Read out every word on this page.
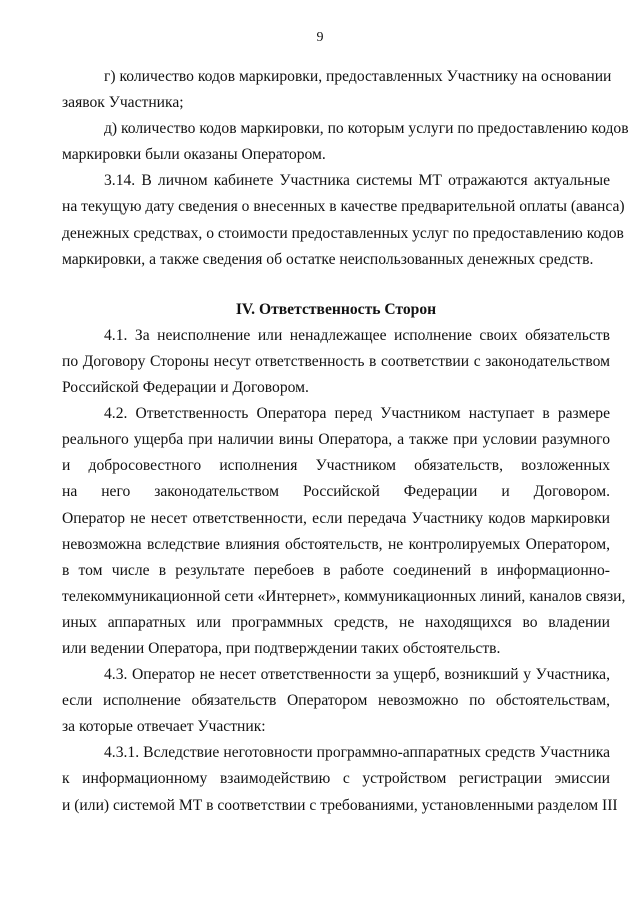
9
г) количество кодов маркировки, предоставленных Участнику на основании
заявок Участника;
д) количество кодов маркировки, по которым услуги по предоставлению кодов
маркировки были оказаны Оператором.
3.14. В личном кабинете Участника системы МТ отражаются актуальные
на текущую дату сведения о внесенных в качестве предварительной оплаты (аванса)
денежных средствах, о стоимости предоставленных услуг по предоставлению кодов
маркировки, а также сведения об остатке неиспользованных денежных средств.
IV. Ответственность Сторон
4.1. За неисполнение или ненадлежащее исполнение своих обязательств
по Договору Стороны несут ответственность в соответствии с законодательством
Российской Федерации и Договором.
4.2. Ответственность Оператора перед Участником наступает в размере
реального ущерба при наличии вины Оператора, а также при условии разумного
и добросовестного исполнения Участником обязательств, возложенных
на него законодательством Российской Федерации и Договором.
Оператор не несет ответственности, если передача Участнику кодов маркировки
невозможна вследствие влияния обстоятельств, не контролируемых Оператором,
в том числе в результате перебоев в работе соединений в информационно-
телекоммуникационной сети «Интернет», коммуникационных линий, каналов связи,
иных аппаратных или программных средств, не находящихся во владении
или ведении Оператора, при подтверждении таких обстоятельств.
4.3. Оператор не несет ответственности за ущерб, возникший у Участника,
если исполнение обязательств Оператором невозможно по обстоятельствам,
за которые отвечает Участник:
4.3.1. Вследствие неготовности программно-аппаратных средств Участника
к информационному взаимодействию с устройством регистрации эмиссии
и (или) системой МТ в соответствии с требованиями, установленными разделом III
